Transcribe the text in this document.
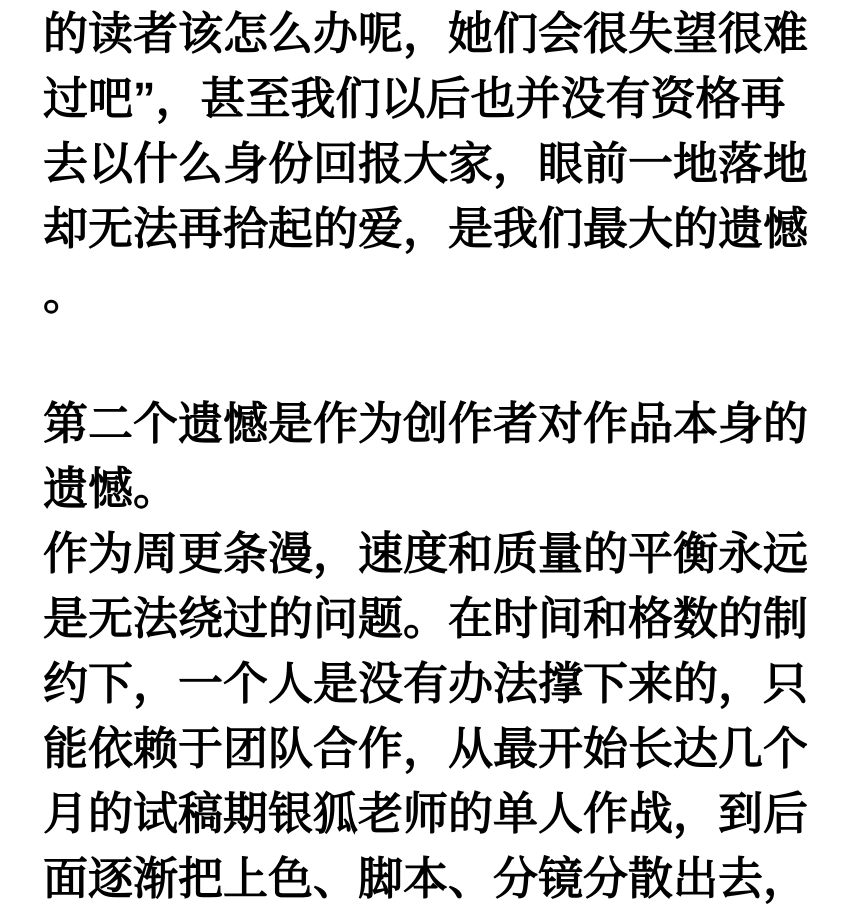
的读者该怎么办呢，她们会很失望很难
过吧”，甚至我们以后也并没有资格再
去以什么身份回报大家，眼前一地落地
却无法再拾起的爱，是我们最大的遗憾
。
第二个遗憾是作为创作者对作品本身的
遗憾。
作为周更条漫，速度和质量的平衡永远
是无法绕过的问题。在时间和格数的制
约下，一个人是没有办法撑下来的，只
能依赖于团队合作，从最开始长达几个
月的试稿期银狐老师的单人作战，到后
面逐渐把上色、脚本、分镜分散出去，
